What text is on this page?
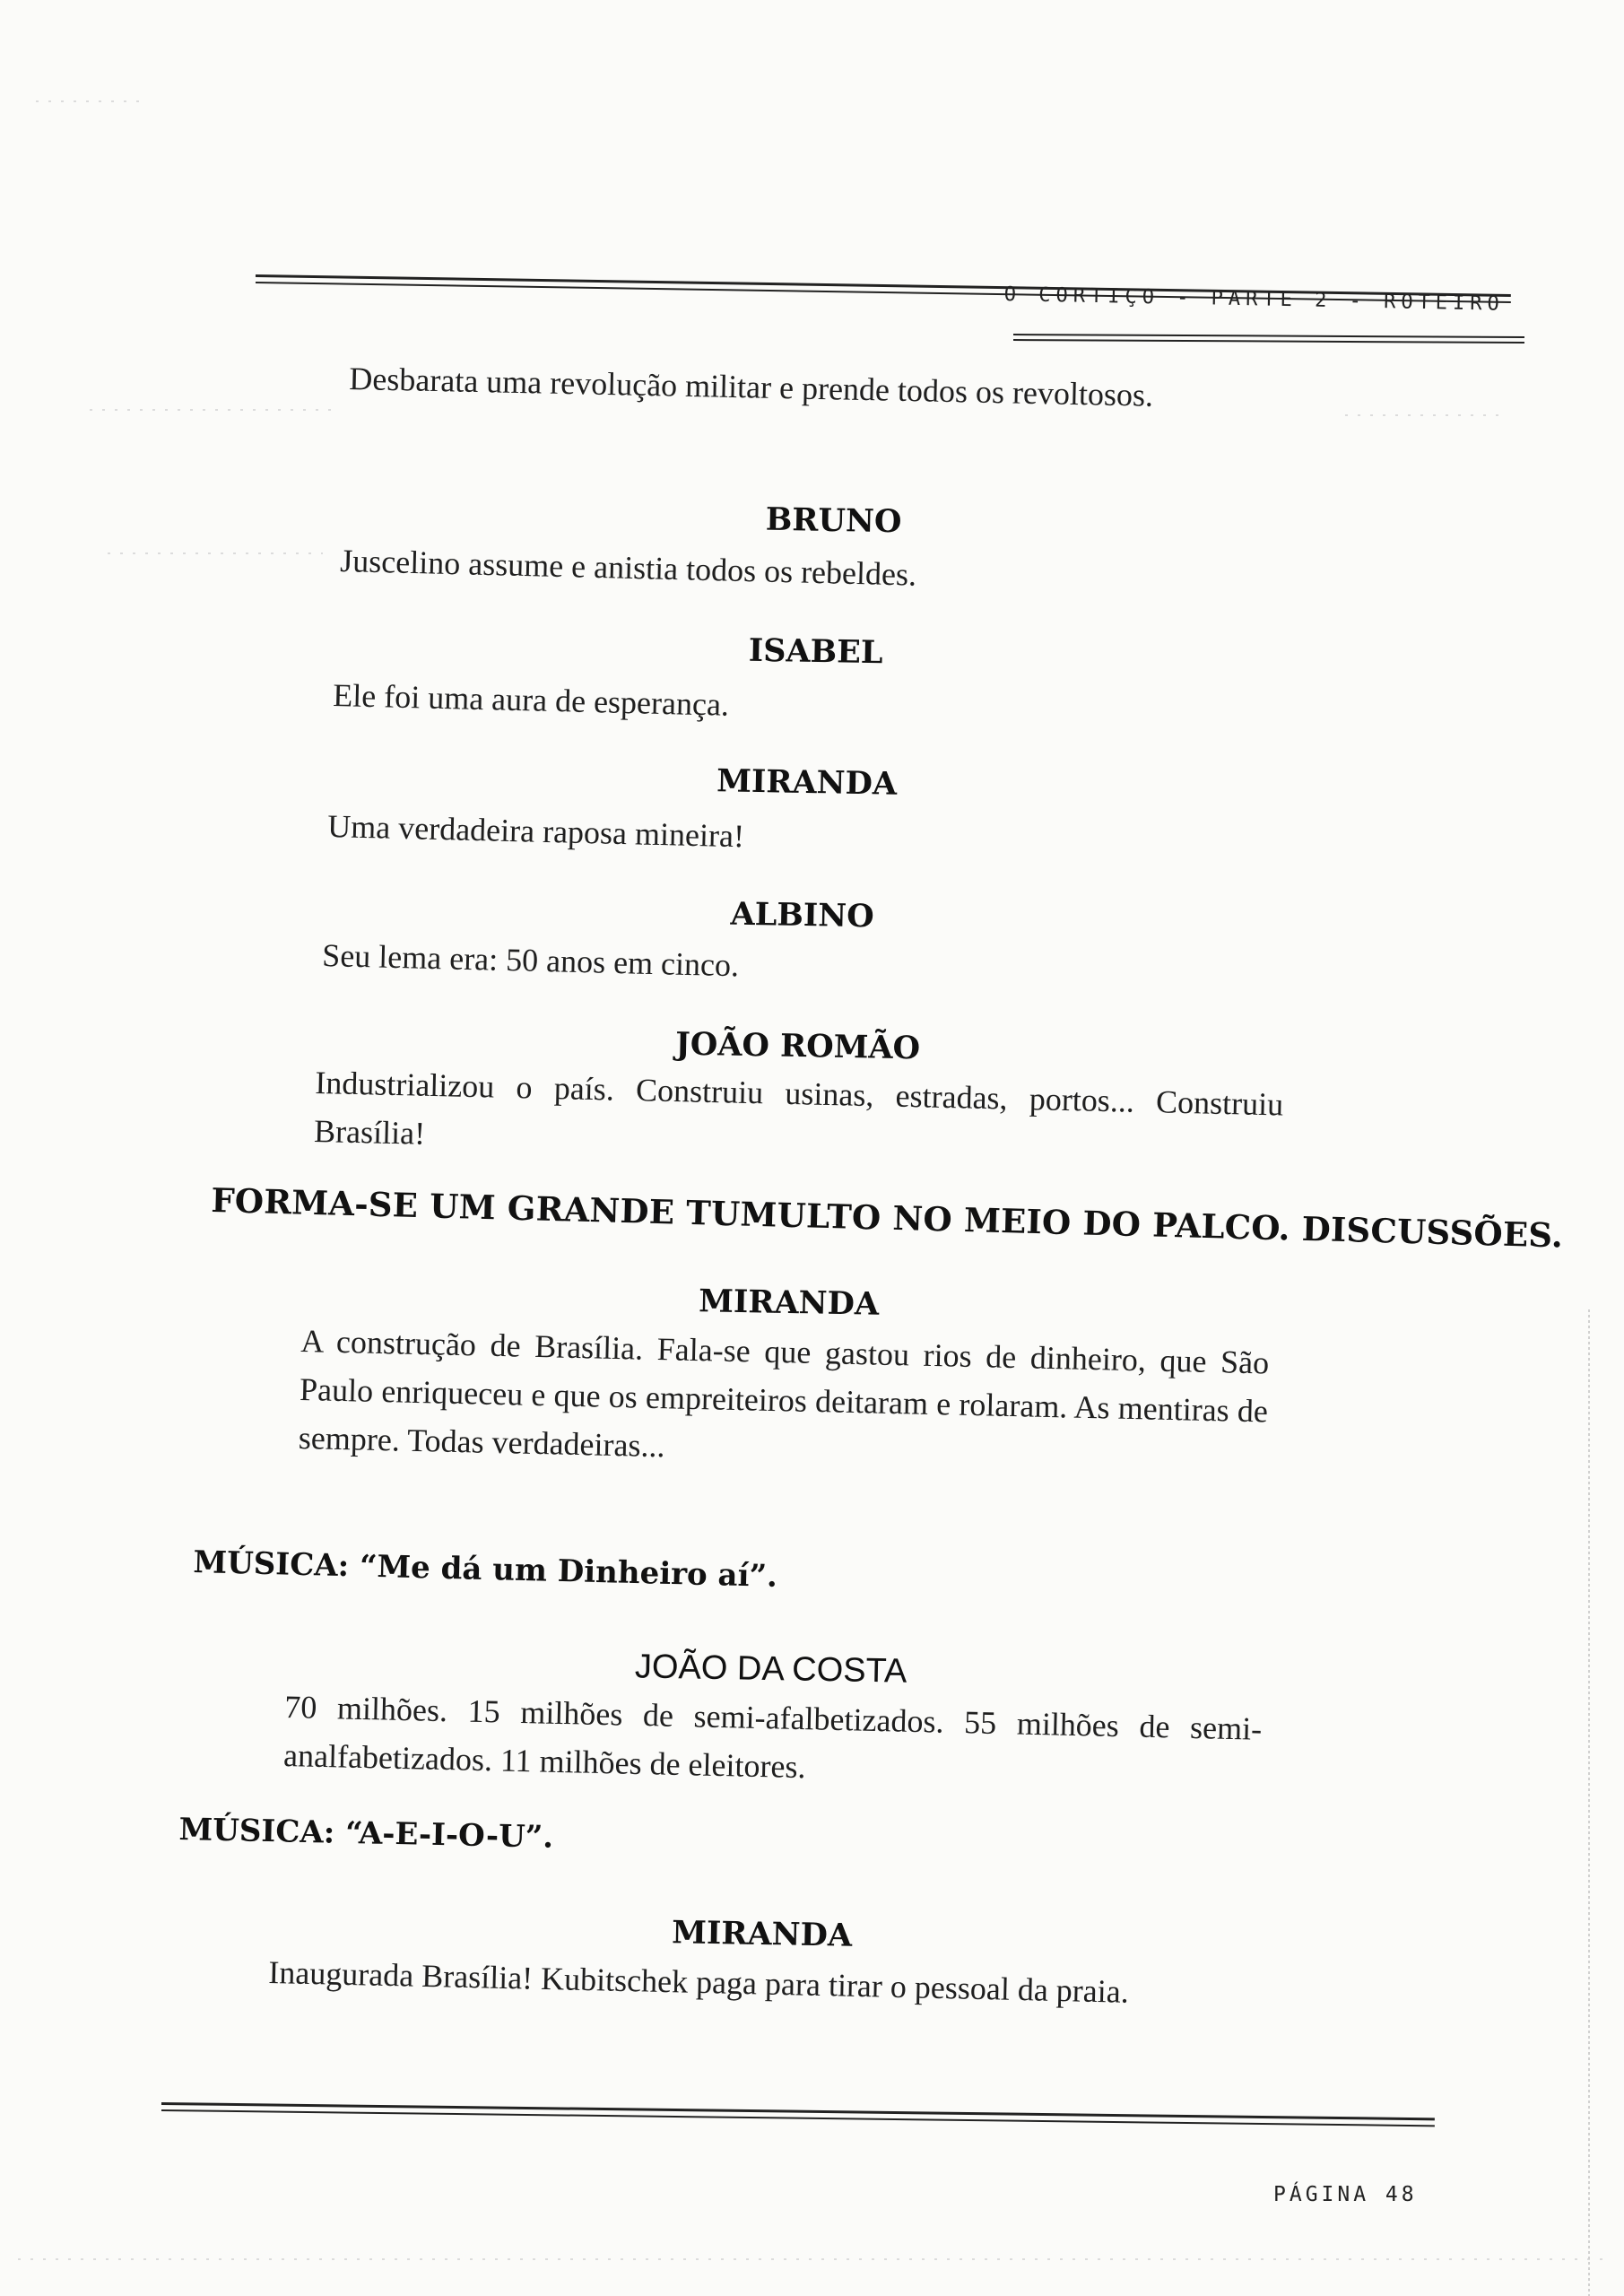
O CORTIÇO - PARTE 2 - ROTEIRO
Desbarata uma revolução militar e prende todos os revoltosos.
BRUNO
Juscelino assume e anistia todos os rebeldes.
ISABEL
Ele foi uma aura de esperança.
MIRANDA
Uma verdadeira raposa mineira!
ALBINO
Seu lema era: 50 anos em cinco.
JOÃO ROMÃO
Industrializou o país. Construiu usinas, estradas, portos... Construiu Brasília!
FORMA-SE UM GRANDE TUMULTO NO MEIO DO PALCO. DISCUSSÕES.
MIRANDA
A construção de Brasília. Fala-se que gastou rios de dinheiro, que São Paulo enriqueceu e que os empreiteiros deitaram e rolaram. As mentiras de sempre. Todas verdadeiras...
MÚSICA: “Me dá um Dinheiro aí”.
JOÃO DA COSTA
70 milhões. 15 milhões de semi-afalbetizados. 55 milhões de semi-analfabetizados. 11 milhões de eleitores.
MÚSICA: “A-E-I-O-U”.
MIRANDA
Inaugurada Brasília! Kubitschek paga para tirar o pessoal da praia.
PÁGINA 48
